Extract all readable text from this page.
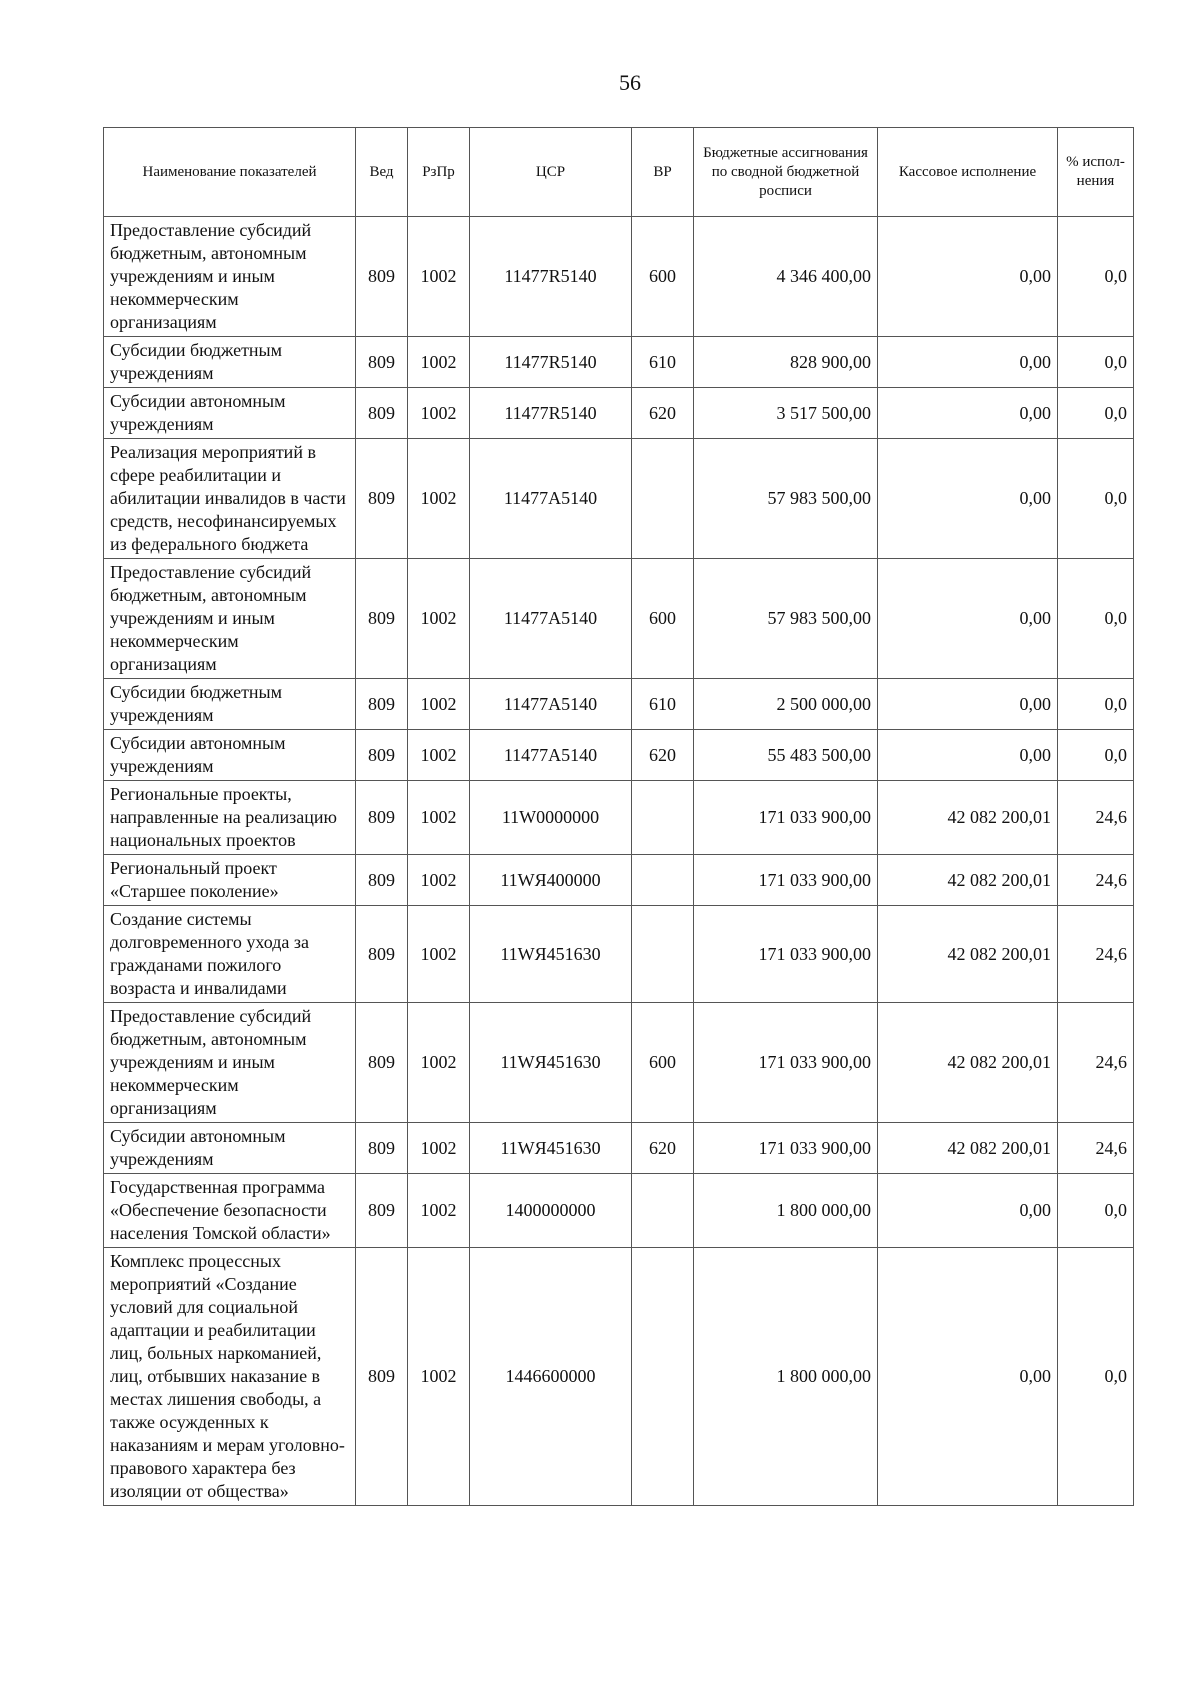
56
Наименование показателей	Вед	РзПр	ЦСР	ВР	Бюджетные ассигнования по сводной бюджетной росписи	Кассовое исполнение	% испол-нения
Предоставление субсидий бюджетным, автономным учреждениям и иным некоммерческим организациям	809	1002	11477R5140	600	4 346 400,00	0,00	0,0
Субсидии бюджетным учреждениям	809	1002	11477R5140	610	828 900,00	0,00	0,0
Субсидии автономным учреждениям	809	1002	11477R5140	620	3 517 500,00	0,00	0,0
Реализация мероприятий в сфере реабилитации и абилитации инвалидов в части средств, несофинансируемых из федерального бюджета	809	1002	11477A5140		57 983 500,00	0,00	0,0
Предоставление субсидий бюджетным, автономным учреждениям и иным некоммерческим организациям	809	1002	11477A5140	600	57 983 500,00	0,00	0,0
Субсидии бюджетным учреждениям	809	1002	11477A5140	610	2 500 000,00	0,00	0,0
Субсидии автономным учреждениям	809	1002	11477A5140	620	55 483 500,00	0,00	0,0
Региональные проекты, направленные на реализацию национальных проектов	809	1002	11W0000000		171 033 900,00	42 082 200,01	24,6
Региональный проект «Старшее поколение»	809	1002	11WЯ400000		171 033 900,00	42 082 200,01	24,6
Создание системы долговременного ухода за гражданами пожилого возраста и инвалидами	809	1002	11WЯ451630		171 033 900,00	42 082 200,01	24,6
Предоставление субсидий бюджетным, автономным учреждениям и иным некоммерческим организациям	809	1002	11WЯ451630	600	171 033 900,00	42 082 200,01	24,6
Субсидии автономным учреждениям	809	1002	11WЯ451630	620	171 033 900,00	42 082 200,01	24,6
Государственная программа «Обеспечение безопасности населения Томской области»	809	1002	1400000000		1 800 000,00	0,00	0,0
Комплекс процессных мероприятий «Создание условий для социальной адаптации и реабилитации лиц, больных наркоманией, лиц, отбывших наказание в местах лишения свободы, а также осужденных к наказаниям и мерам уголовно-правового характера без изоляции от общества»	809	1002	1446600000		1 800 000,00	0,00	0,0
